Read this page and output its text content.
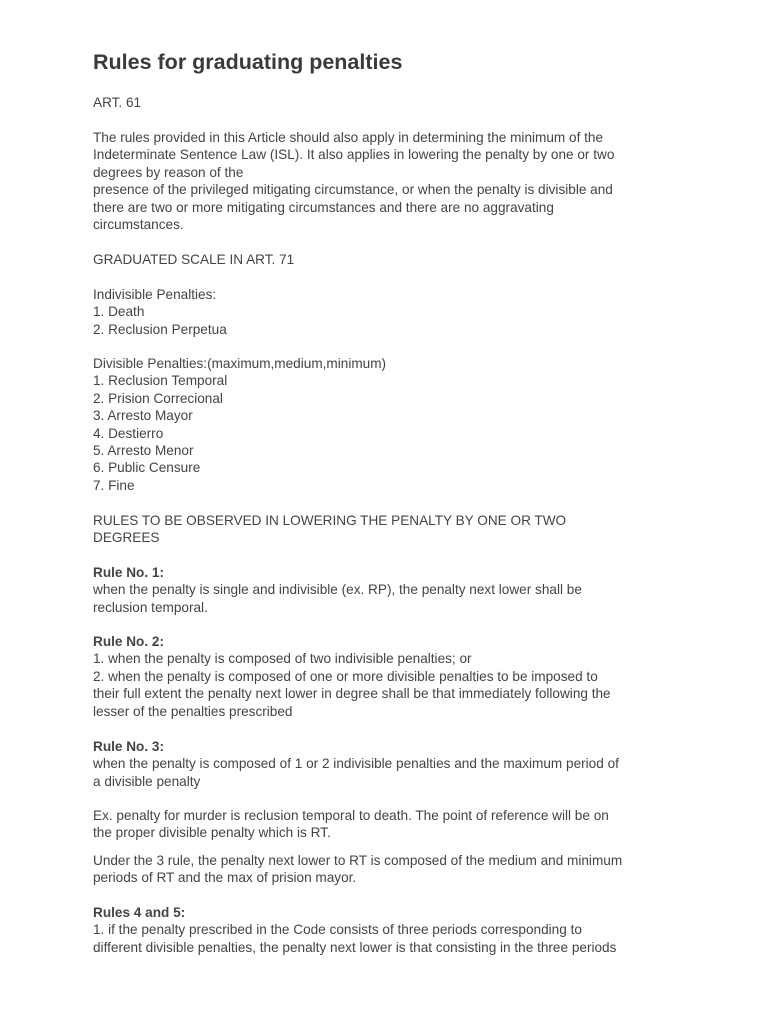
Rules for graduating penalties

ART. 61

The rules provided in this Article should also apply in determining the minimum of the
Indeterminate Sentence Law (ISL). It also applies in lowering the penalty by one or two
degrees by reason of the
presence of the privileged mitigating circumstance, or when the penalty is divisible and
there are two or more mitigating circumstances and there are no aggravating
circumstances.

GRADUATED SCALE IN ART. 71

Indivisible Penalties:
1. Death
2. Reclusion Perpetua

Divisible Penalties:(maximum,medium,minimum)
1. Reclusion Temporal
2. Prision Correcional
3. Arresto Mayor
4. Destierro
5. Arresto Menor
6. Public Censure
7. Fine

RULES TO BE OBSERVED IN LOWERING THE PENALTY BY ONE OR TWO
DEGREES

Rule No. 1:
when the penalty is single and indivisible (ex. RP), the penalty next lower shall be
reclusion temporal.

Rule No. 2:
1. when the penalty is composed of two indivisible penalties; or
2. when the penalty is composed of one or more divisible penalties to be imposed to
their full extent the penalty next lower in degree shall be that immediately following the
lesser of the penalties prescribed

Rule No. 3:
when the penalty is composed of 1 or 2 indivisible penalties and the maximum period of
a divisible penalty

Ex. penalty for murder is reclusion temporal to death. The point of reference will be on
the proper divisible penalty which is RT.

Under the 3 rule, the penalty next lower to RT is composed of the medium and minimum
periods of RT and the max of prision mayor.

Rules 4 and 5:
1. if the penalty prescribed in the Code consists of three periods corresponding to
different divisible penalties, the penalty next lower is that consisting in the three periods
